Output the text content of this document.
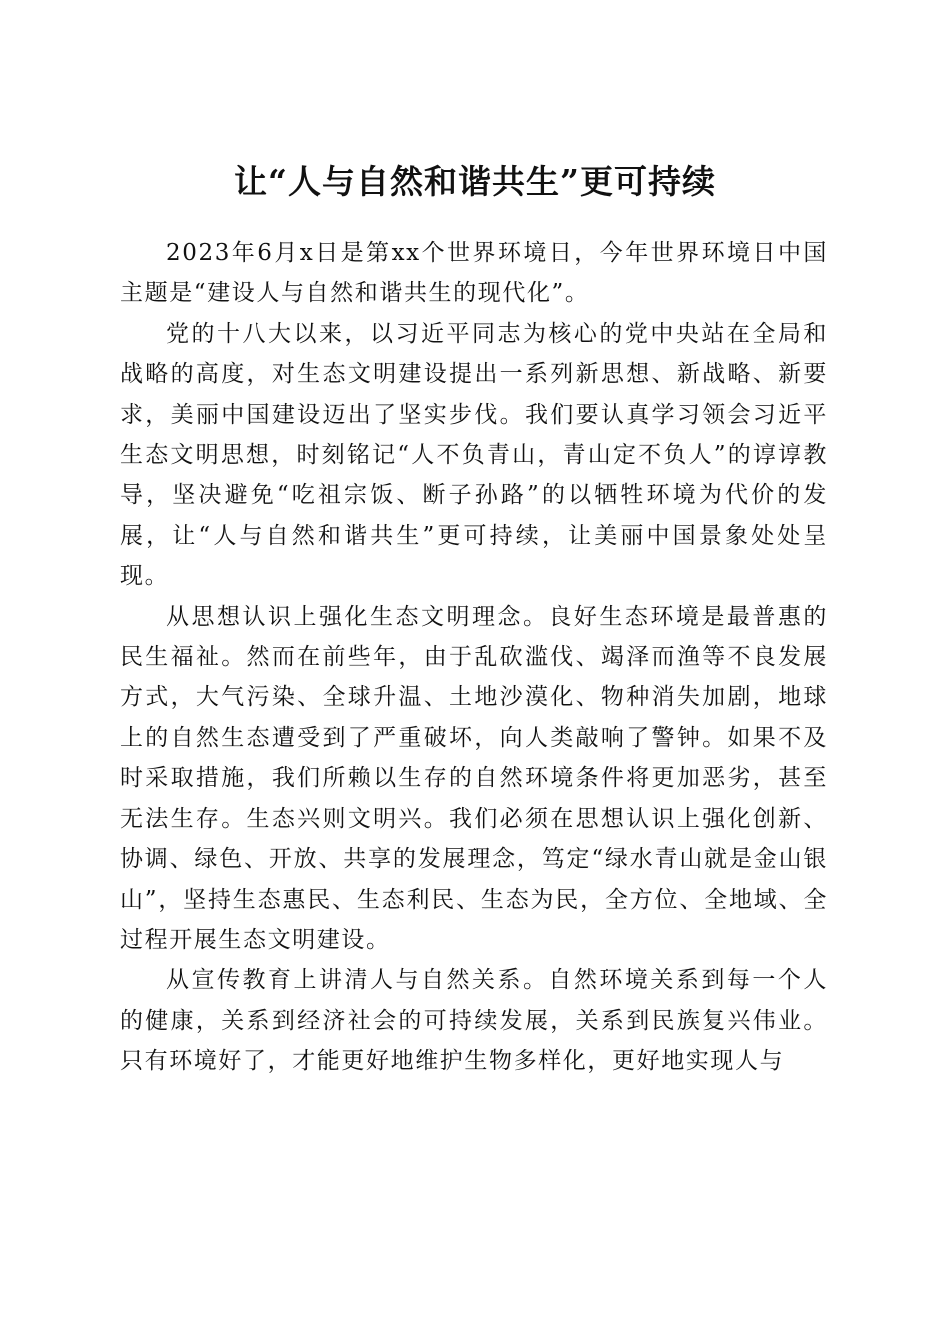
让“人与自然和谐共生”更可持续

2023年6月x日是第xx个世界环境日，今年世界环境日中国主题是“建设人与自然和谐共生的现代化”。

党的十八大以来，以习近平同志为核心的党中央站在全局和战略的高度，对生态文明建设提出一系列新思想、新战略、新要求，美丽中国建设迈出了坚实步伐。我们要认真学习领会习近平生态文明思想，时刻铭记“人不负青山，青山定不负人”的谆谆教导，坚决避免“吃祖宗饭、断子孙路”的以牺牲环境为代价的发展，让“人与自然和谐共生”更可持续，让美丽中国景象处处呈现。

从思想认识上强化生态文明理念。良好生态环境是最普惠的民生福祉。然而在前些年，由于乱砍滥伐、竭泽而渔等不良发展方式，大气污染、全球升温、土地沙漠化、物种消失加剧，地球上的自然生态遭受到了严重破坏，向人类敲响了警钟。如果不及时采取措施，我们所赖以生存的自然环境条件将更加恶劣，甚至无法生存。生态兴则文明兴。我们必须在思想认识上强化创新、协调、绿色、开放、共享的发展理念，笃定“绿水青山就是金山银山”，坚持生态惠民、生态利民、生态为民，全方位、全地域、全过程开展生态文明建设。

从宣传教育上讲清人与自然关系。自然环境关系到每一个人的健康，关系到经济社会的可持续发展，关系到民族复兴伟业。只有环境好了，才能更好地维护生物多样化，更好地实现人与
